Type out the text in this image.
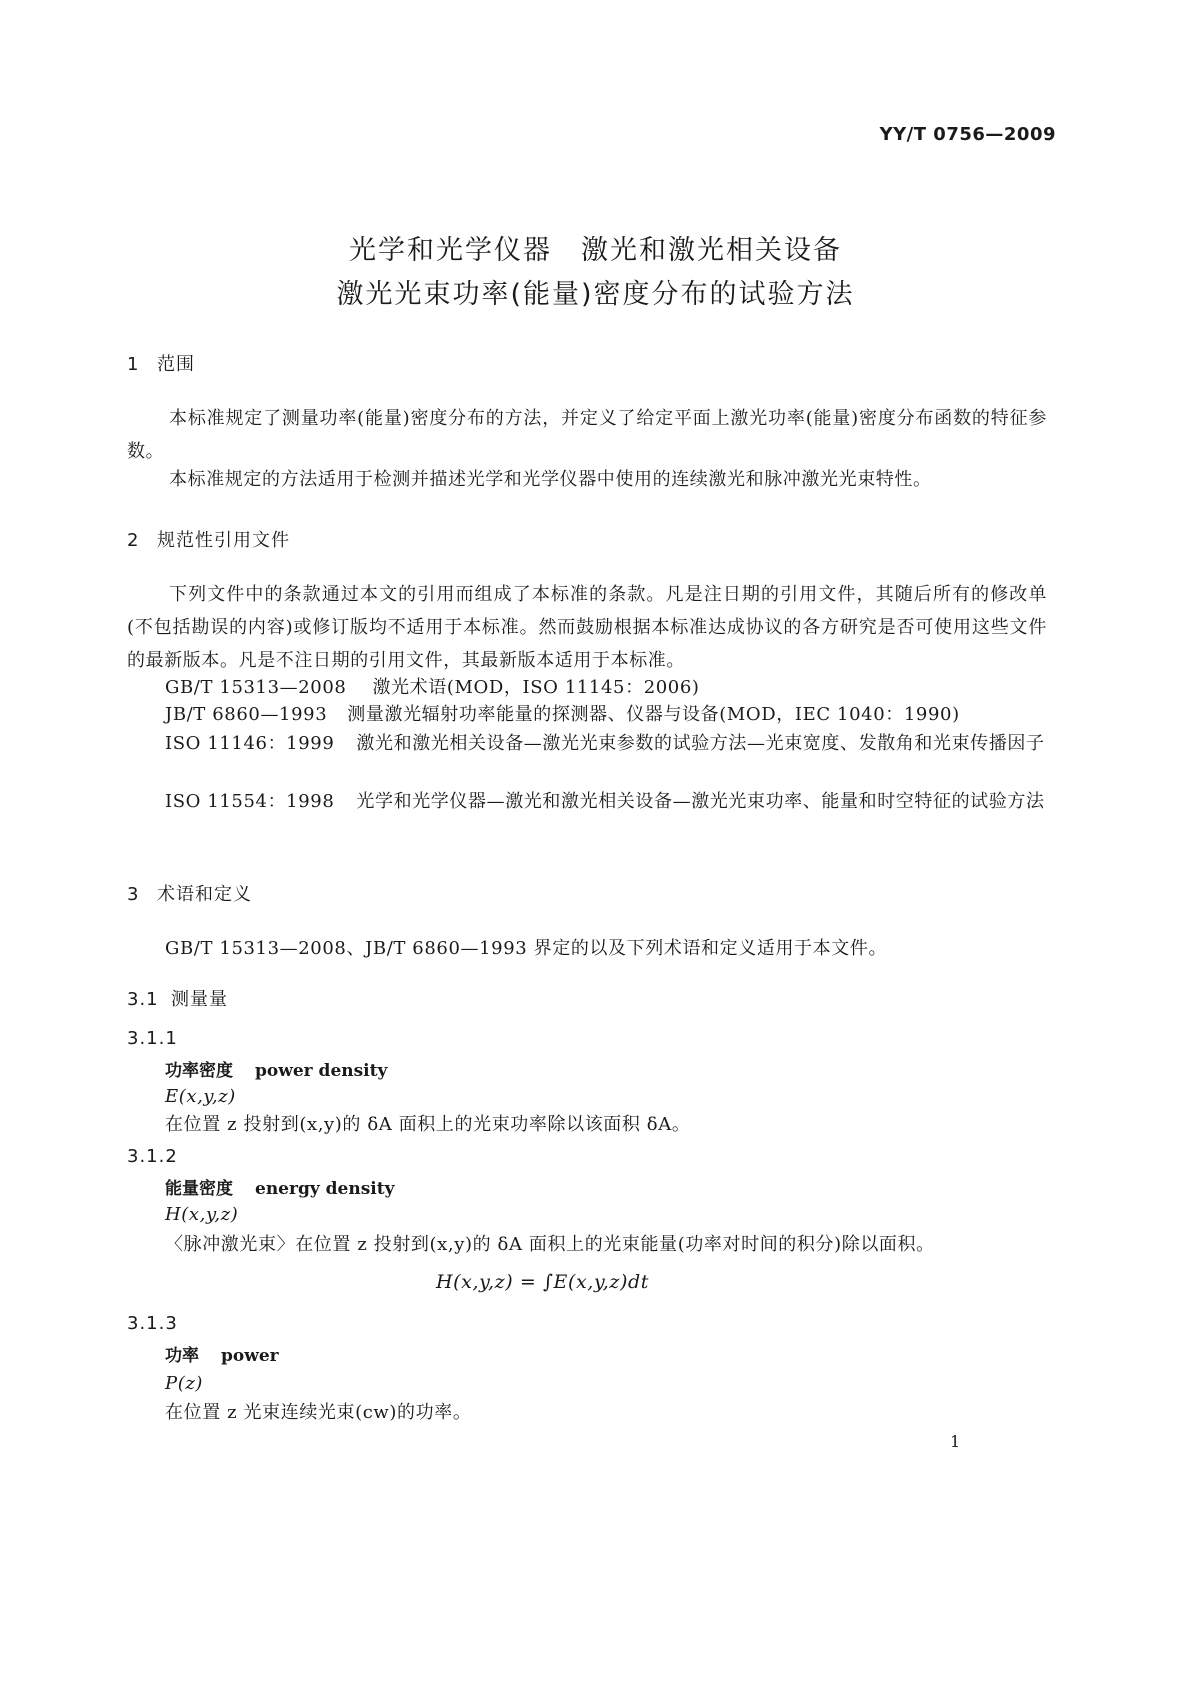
YY/T 0756—2009
光学和光学仪器　激光和激光相关设备
激光光束功率(能量)密度分布的试验方法
1 范围
本标准规定了测量功率(能量)密度分布的方法，并定义了给定平面上激光功率(能量)密度分布函数的特征参数。
本标准规定的方法适用于检测并描述光学和光学仪器中使用的连续激光和脉冲激光光束特性。
2 规范性引用文件
下列文件中的条款通过本文的引用而组成了本标准的条款。凡是注日期的引用文件，其随后所有的修改单(不包括勘误的内容)或修订版均不适用于本标准。然而鼓励根据本标准达成协议的各方研究是否可使用这些文件的最新版本。凡是不注日期的引用文件，其最新版本适用于本标准。
GB/T 15313—2008 激光术语(MOD，ISO 11145：2006)
JB/T 6860—1993 测量激光辐射功率能量的探测器、仪器与设备(MOD，IEC 1040：1990)
ISO 11146：1999 激光和激光相关设备—激光光束参数的试验方法—光束宽度、发散角和光束传播因子
ISO 11554：1998 光学和光学仪器—激光和激光相关设备—激光光束功率、能量和时空特征的试验方法
3 术语和定义
GB/T 15313—2008、JB/T 6860—1993 界定的以及下列术语和定义适用于本文件。
3.1 测量量
3.1.1
功率密度 power density
E(x,y,z)
在位置 z 投射到(x,y)的 δA 面积上的光束功率除以该面积 δA。
3.1.2
能量密度 energy density
H(x,y,z)
〈脉冲激光束〉在位置 z 投射到(x,y)的 δA 面积上的光束能量(功率对时间的积分)除以面积。
H(x,y,z) = ∫E(x,y,z)dt
3.1.3
功率 power
P(z)
在位置 z 光束连续光束(cw)的功率。
1
